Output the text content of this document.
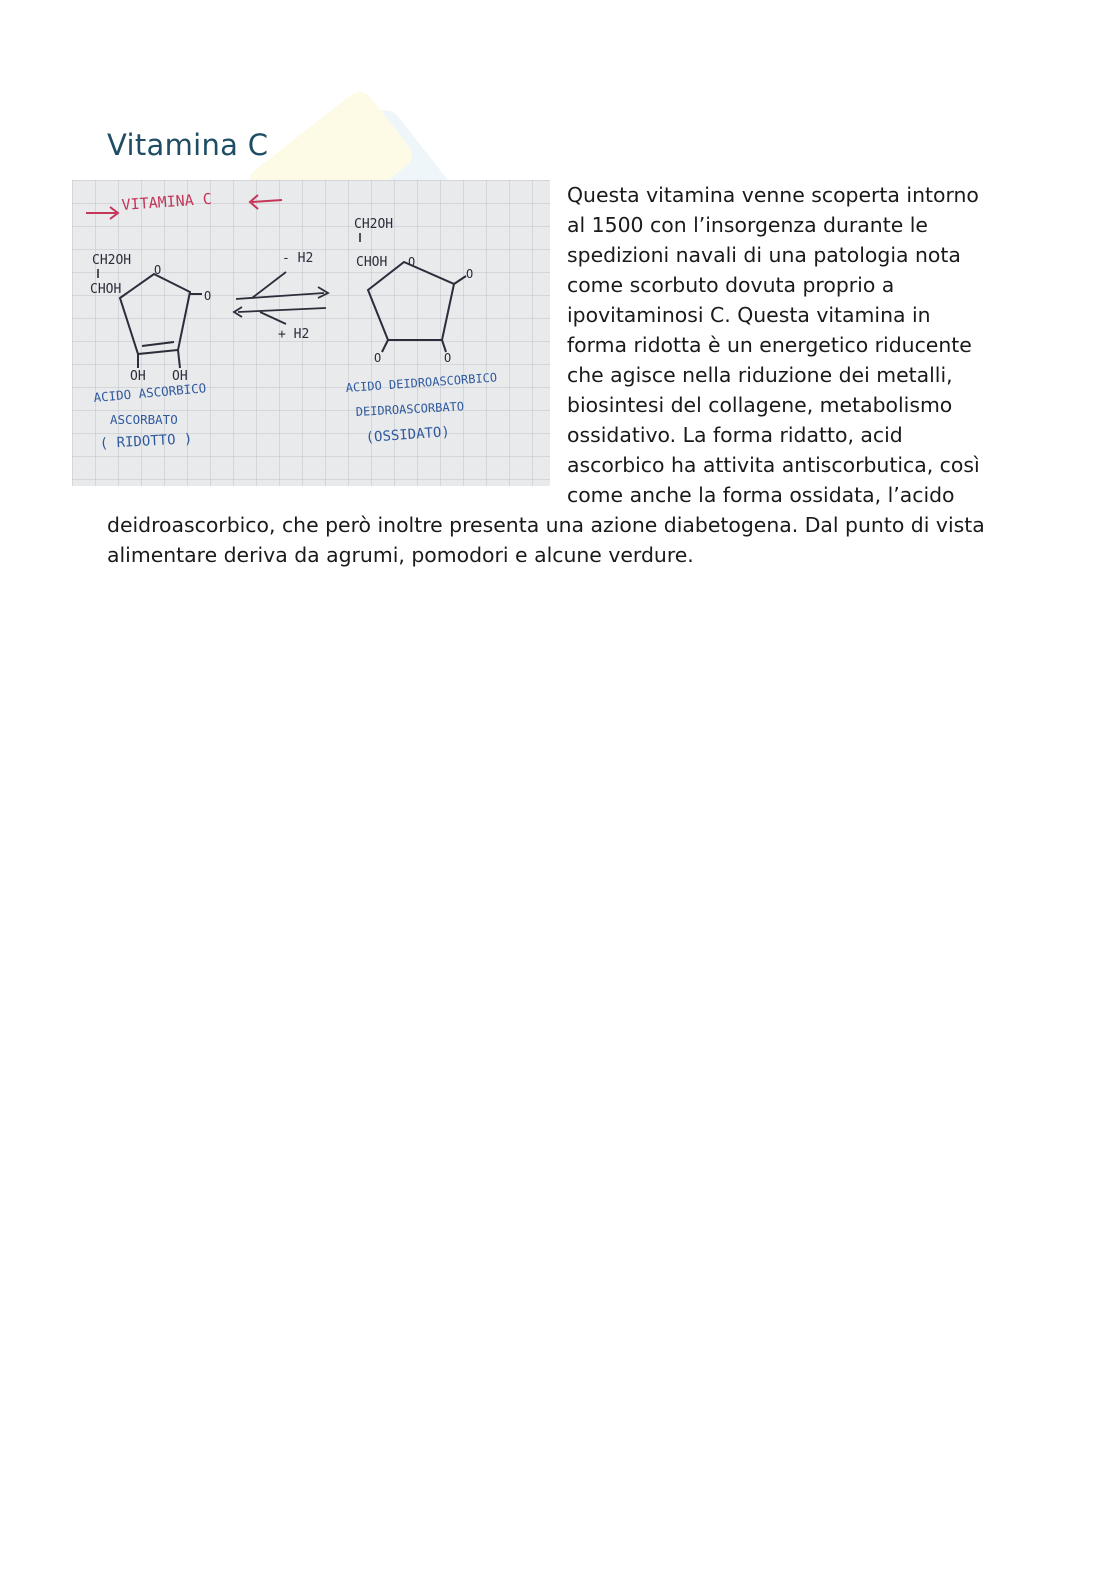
Vitamina C
VITAMINA C
CH2OH
CHOH
O
O
OH OH
ACIDO ASCORBICO
ASCORBATO
( RIDOTTO )
- H2
+ H2
CH2OH
CHOH O
O
O	O
ACIDO DEIDROASCORBICO
DEIDROASCORBATO
(OSSIDATO)
Questa vitamina venne scoperta intorno al 1500 con l’insorgenza durante le spedizioni navali di una patologia nota come scorbuto dovuta proprio a ipovitaminosi C. Questa vitamina in forma ridotta è un energetico riducente che agisce nella riduzione dei metalli, biosintesi del collagene, metabolismo ossidativo. La forma ridatto, acid ascorbico ha attivita antiscorbutica, così come anche la forma ossidata, l’acido deidroascorbico, che però inoltre presenta una azione diabetogena. Dal punto di vista alimentare deriva da agrumi, pomodori e alcune verdure.
